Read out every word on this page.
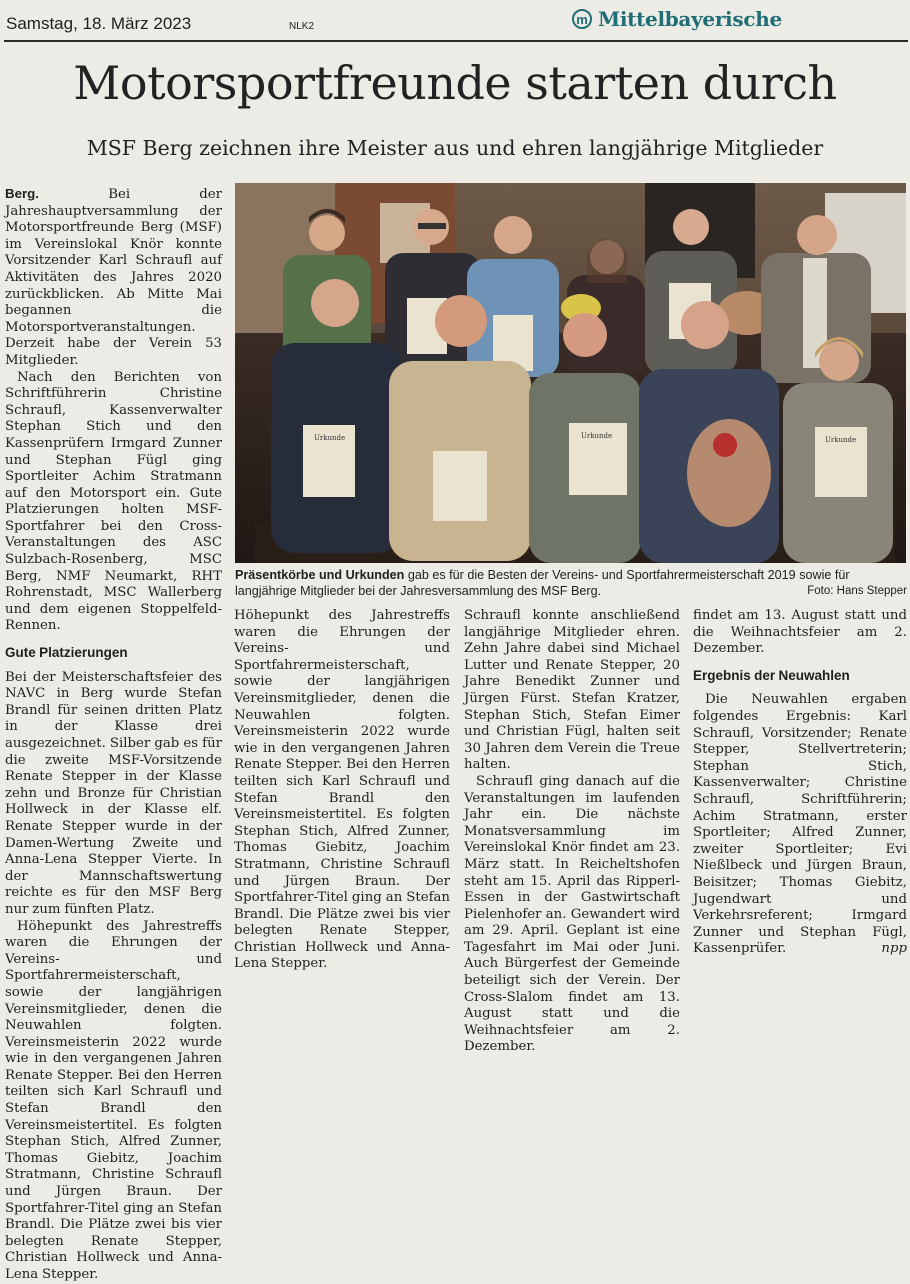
Samstag, 18. März 2023	NLK2	m Mittelbayerische
Motorsportfreunde starten durch
MSF Berg zeichnen ihre Meister aus und ehren langjährige Mitglieder

Berg.	Bei der Jahreshauptversammlung der Motorsportfreunde Berg (MSF) im Vereinslokal Knör konnte Vorsitzender Karl Schraufl auf Aktivitäten des Jahres 2020 zurückblicken. Ab Mitte Mai begannen die Motorsportveranstaltungen. Derzeit habe der Verein 53 Mitglieder.

Nach den Berichten von Schriftführerin Christine Schraufl, Kassenverwalter Stephan Stich und den Kassenprüfern Irmgard Zunner und Stephan Fügl ging Sportleiter Achim Stratmann auf den Motorsport ein. Gute Platzierungen holten MSF-Sportfahrer bei den Cross-Veranstaltungen des ASC Sulzbach-Rosenberg, MSC Berg, NMF Neumarkt, RHT Rohrenstadt, MSC Wallerberg und dem eigenen Stoppelfeld-Rennen.

Gute Platzierungen

Bei der Meisterschaftsfeier des NAVC in Berg wurde Stefan Brandl für seinen dritten Platz in der Klasse drei ausgezeichnet. Silber gab es für die zweite MSF-Vorsitzende Renate Stepper in der Klasse zehn und Bronze für Christian Hollweck in der Klasse elf. Renate Stepper wurde in der Damen-Wertung Zweite und Anna-Lena Stepper Vierte. In der Mannschaftswertung reichte es für den MSF Berg nur zum fünften Platz.

Höhepunkt des Jahrestreffs waren die Ehrungen der Vereins- und Sportfahrermeisterschaft, sowie der langjährigen Vereinsmitglieder, denen die Neuwahlen folgten. Vereinsmeisterin 2022 wurde wie in den vergangenen Jahren Renate Stepper. Bei den Herren teilten sich Karl Schraufl und Stefan Brandl den Vereinsmeistertitel. Es folgten Stephan Stich, Alfred Zunner, Thomas Giebitz, Joachim Stratmann, Christine Schraufl und Jürgen Braun. Der Sportfahrer-Titel ging an Stefan Brandl. Die Plätze zwei bis vier belegten Renate Stepper, Christian Hollweck und Anna-Lena Stepper.

Urkunde	Urkunde	Urkunde
Präsentkörbe und Urkunden gab es für die Besten der Vereins- und Sportfahrermeisterschaft 2019 sowie für langjährige Mitglieder bei der Jahresversammlung des MSF Berg.	Foto: Hans Stepper

Höhepunkt des Jahrestreffs waren die Ehrungen der Vereins- und Sportfahrermeisterschaft, sowie der langjährigen Vereinsmitglieder, denen die Neuwahlen folgten. Vereinsmeisterin 2022 wurde wie in den vergangenen Jahren Renate Stepper. Bei den Herren teilten sich Karl Schraufl und Stefan Brandl den Vereinsmeistertitel. Es folgten Stephan Stich, Alfred Zunner, Thomas Giebitz, Joachim Stratmann, Christine Schraufl und Jürgen Braun. Der Sportfahrer-Titel ging an Stefan Brandl. Die Plätze zwei bis vier belegten Renate Stepper, Christian Hollweck und Anna-Lena Stepper.

Schraufl konnte anschließend langjährige Mitglieder ehren. Zehn Jahre dabei sind Michael Lutter und Renate Stepper, 20 Jahre Benedikt Zunner und Jürgen Fürst. Stefan Kratzer, Stephan Stich, Stefan Eimer und Christian Fügl, halten seit 30 Jahren dem Verein die Treue halten.

Schraufl ging danach auf die Veranstaltungen im laufenden Jahr ein. Die nächste Monatsversammlung im Vereinslokal Knör findet am 23. März statt. In Reicheltshofen steht am 15. April das Ripperl-Essen in der Gastwirtschaft Pielenhofer an. Gewandert wird am 29. April. Geplant ist eine Tagesfahrt im Mai oder Juni. Auch Bürgerfest der Gemeinde beteiligt sich der Verein. Der Cross-Slalom findet am 13. August statt und die Weihnachtsfeier am 2. Dezember.

findet am 13. August statt und die Weihnachtsfeier am 2. Dezember.

Ergebnis der Neuwahlen

Die Neuwahlen ergaben folgendes Ergebnis: Karl Schraufl, Vorsitzender; Renate Stepper, Stellvertreterin; Stephan Stich, Kassenverwalter; Christine Schraufl, Schriftführerin; Achim Stratmann, erster Sportleiter; Alfred Zunner, zweiter Sportleiter; Evi Nießlbeck und Jürgen Braun, Beisitzer; Thomas Giebitz, Jugendwart und Verkehrsreferent; Irmgard Zunner und Stephan Fügl, Kassenprüfer.	npp
